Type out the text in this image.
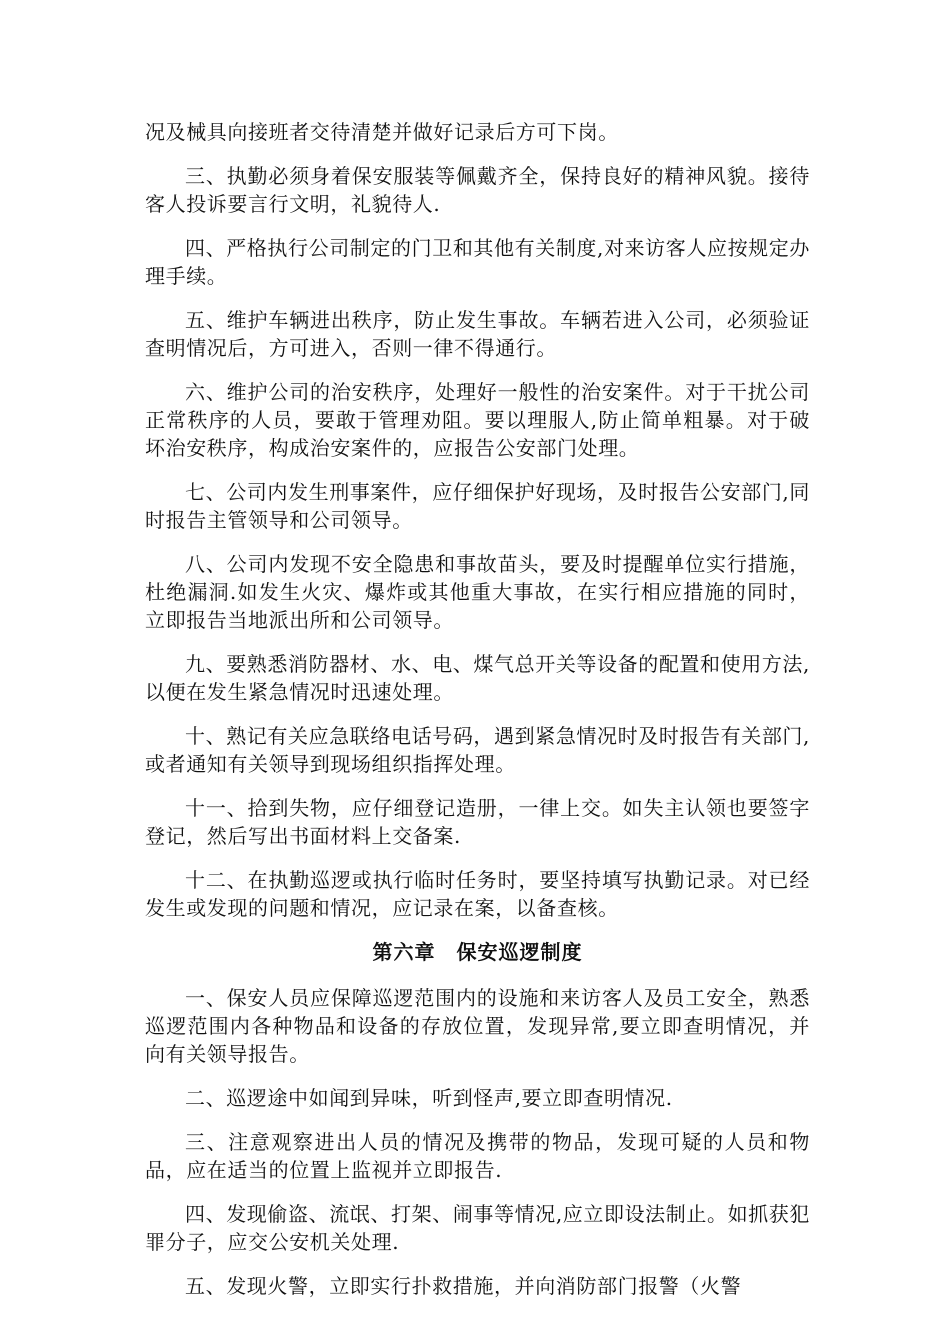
况及械具向接班者交待清楚并做好记录后方可下岗。

三、执勤必须身着保安服装等佩戴齐全，保持良好的精神风貌。接待客人投诉要言行文明，礼貌待人.

四、严格执行公司制定的门卫和其他有关制度,对来访客人应按规定办理手续。

五、维护车辆进出秩序，防止发生事故。车辆若进入公司，必须验证查明情况后，方可进入，否则一律不得通行。

六、维护公司的治安秩序，处理好一般性的治安案件。对于干扰公司正常秩序的人员，要敢于管理劝阻。要以理服人,防止简单粗暴。对于破坏治安秩序，构成治安案件的，应报告公安部门处理。

七、公司内发生刑事案件，应仔细保护好现场，及时报告公安部门,同时报告主管领导和公司领导。

八、公司内发现不安全隐患和事故苗头，要及时提醒单位实行措施，杜绝漏洞.如发生火灾、爆炸或其他重大事故，在实行相应措施的同时，立即报告当地派出所和公司领导。

九、要熟悉消防器材、水、电、煤气总开关等设备的配置和使用方法,以便在发生紧急情况时迅速处理。

十、熟记有关应急联络电话号码，遇到紧急情况时及时报告有关部门,或者通知有关领导到现场组织指挥处理。

十一、拾到失物，应仔细登记造册，一律上交。如失主认领也要签字登记，然后写出书面材料上交备案.

十二、在执勤巡逻或执行临时任务时，要坚持填写执勤记录。对已经发生或发现的问题和情况，应记录在案，以备查核。

第六章　保安巡逻制度

一、保安人员应保障巡逻范围内的设施和来访客人及员工安全，熟悉巡逻范围内各种物品和设备的存放位置，发现异常,要立即查明情况，并向有关领导报告。

二、巡逻途中如闻到异味，听到怪声,要立即查明情况.

三、注意观察进出人员的情况及携带的物品，发现可疑的人员和物品，应在适当的位置上监视并立即报告.

四、发现偷盗、流氓、打架、闹事等情况,应立即设法制止。如抓获犯罪分子，应交公安机关处理.

五、发现火警，立即实行扑救措施，并向消防部门报警（火警
